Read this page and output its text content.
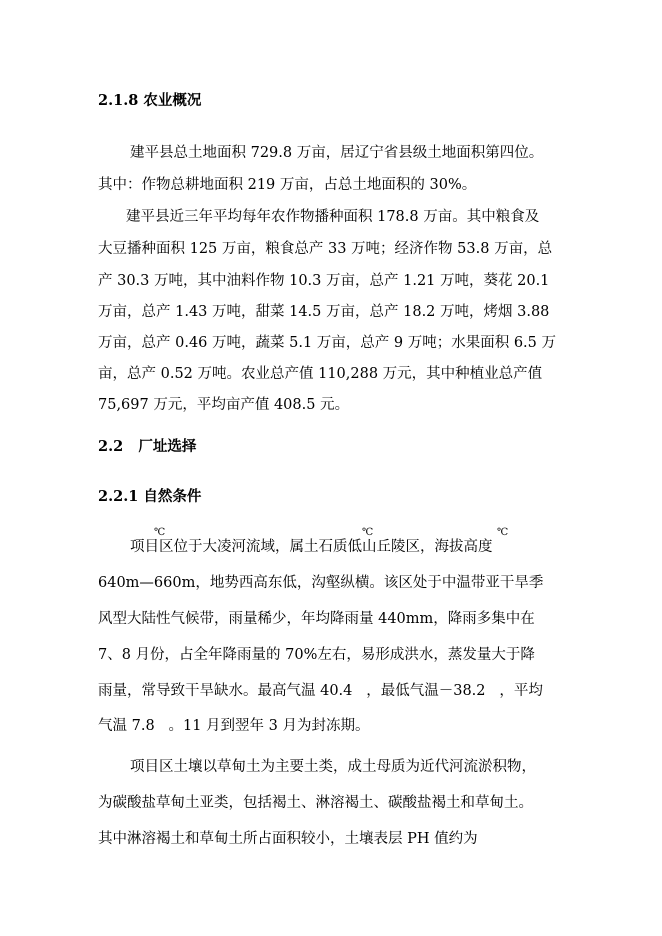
2.1.8 农业概况
建平县总土地面积 729.8 万亩，居辽宁省县级土地面积第四位。
其中：作物总耕地面积 219 万亩，占总土地面积的 30%。
建平县近三年平均每年农作物播种面积 178.8 万亩。其中粮食及
大豆播种面积 125 万亩，粮食总产 33 万吨；经济作物 53.8 万亩，总
产 30.3 万吨，其中油料作物 10.3 万亩，总产 1.21 万吨，葵花 20.1
万亩，总产 1.43 万吨，甜菜 14.5 万亩，总产 18.2 万吨，烤烟 3.88
万亩，总产 0.46 万吨，蔬菜 5.1 万亩，总产 9 万吨；水果面积 6.5 万
亩，总产 0.52 万吨。农业总产值 110,288 万元，其中种植业总产值
75,697 万元，平均亩产值 408.5 元。
2.2   厂址选择
2.2.1 自然条件
℃	℃	℃
项目区位于大凌河流域，属土石质低山丘陵区，海拔高度
640m—660m，地势西高东低，沟壑纵横。该区处于中温带亚干旱季
风型大陆性气候带，雨量稀少，年均降雨量 440mm，降雨多集中在
7、8 月份，占全年降雨量的 70%左右，易形成洪水，蒸发量大于降
雨量，常导致干旱缺水。最高气温 40.4   ，最低气温－38.2   ，平均
气温 7.8   。11 月到翌年 3 月为封冻期。
项目区土壤以草甸土为主要土类，成土母质为近代河流淤积物，
为碳酸盐草甸土亚类，包括褐土、淋溶褐土、碳酸盐褐土和草甸土。
其中淋溶褐土和草甸土所占面积较小，土壤表层 PH 值约为
